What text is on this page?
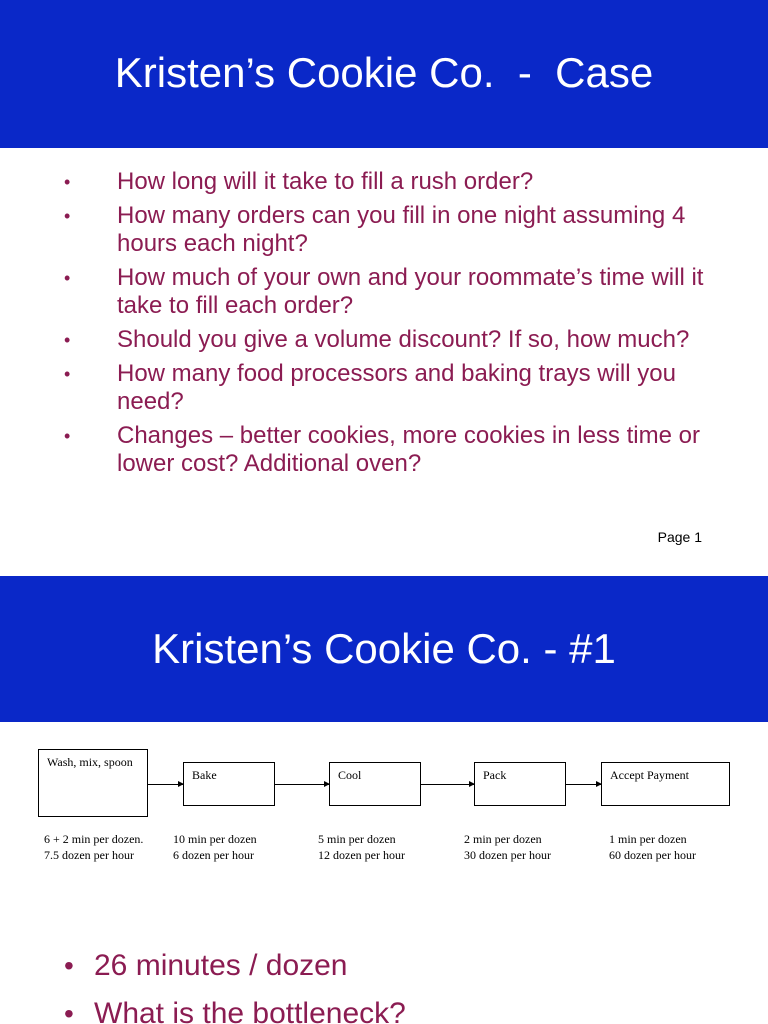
Kristen’s Cookie Co.  -  Case
• How long will it take to fill a rush order?
• How many orders can you fill in one night assuming 4 hours each night?
• How much of your own and your roommate’s time will it take to fill each order?
• Should you give a volume discount? If so, how much?
• How many food processors and baking trays will you need?
• Changes – better cookies, more cookies in less time or lower cost? Additional oven?
Page 1
Kristen’s Cookie Co. - #1
Wash, mix, spoon
Bake	Cool	Pack	Accept Payment
6 + 2 min per dozen.
7.5 dozen per hour
10 min per dozen
6 dozen per hour
5 min per dozen
12 dozen per hour
2 min per dozen
30 dozen per hour
1 min per dozen
60 dozen per hour
• 26 minutes / dozen
• What is the bottleneck?
